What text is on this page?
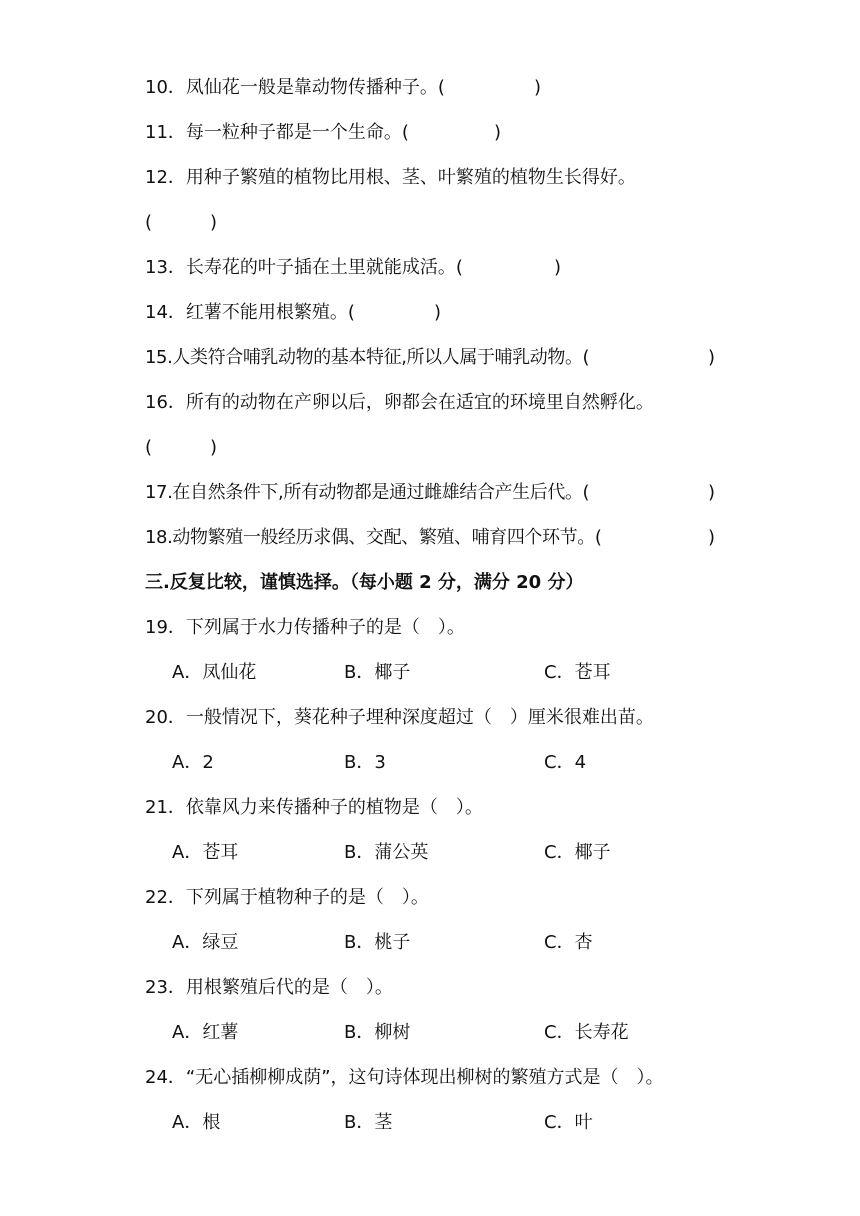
10．凤仙花一般是靠动物传播种子。(	)
11．每一粒种子都是一个生命。(	)
12．用种子繁殖的植物比用根、茎、叶繁殖的植物生长得好。
(	)
13．长寿花的叶子插在土里就能成活。(	)
14．红薯不能用根繁殖。(	)
15.人类符合哺乳动物的基本特征,所以人属于哺乳动物。(	)
16．所有的动物在产卵以后，卵都会在适宜的环境里自然孵化。
(	)
17.在自然条件下,所有动物都是通过雌雄结合产生后代。(	)
18.动物繁殖一般经历求偶、交配、繁殖、哺育四个环节。(	)
三.反复比较，谨慎选择。（每小题 2 分，满分 20 分）
19．下列属于水力传播种子的是（　）。
A．凤仙花	B．椰子	C．苍耳
20．一般情况下，葵花种子埋种深度超过（　）厘米很难出苗。
A．2	B．3	C．4
21．依靠风力来传播种子的植物是（　）。
A．苍耳	B．蒲公英	C．椰子
22．下列属于植物种子的是（　）。
A．绿豆	B．桃子	C．杏
23．用根繁殖后代的是（　）。
A．红薯	B．柳树	C．长寿花
24．“无心插柳柳成荫”，这句诗体现出柳树的繁殖方式是（　）。
A．根	B．茎	C．叶
